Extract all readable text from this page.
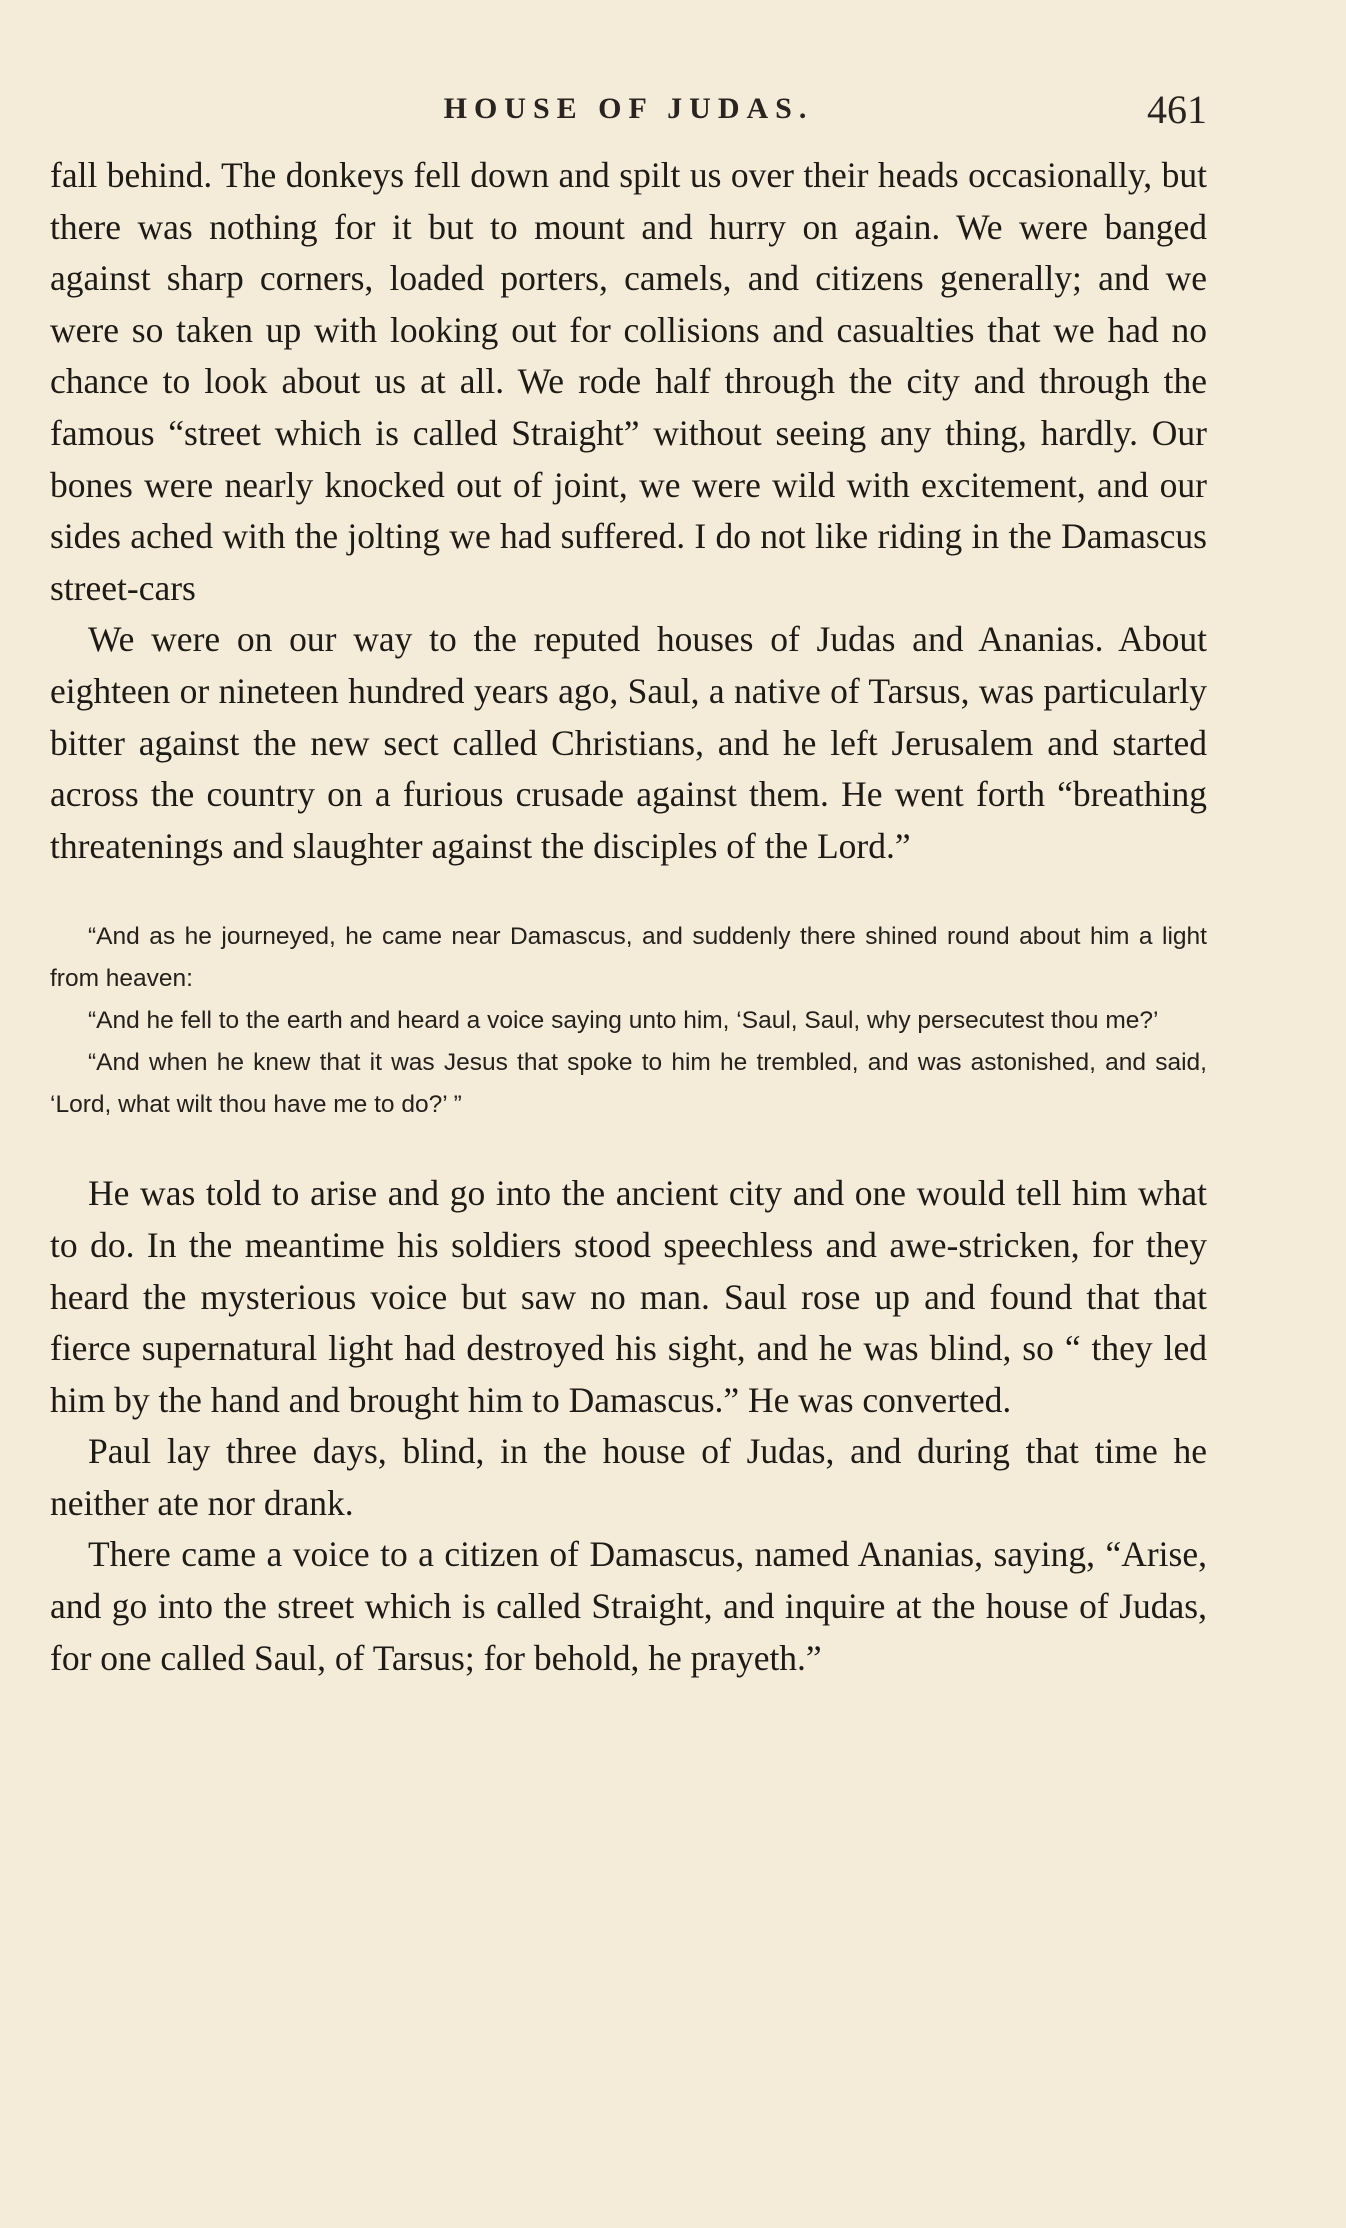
HOUSE OF JUDAS.	461

fall behind. The donkeys fell down and spilt us over their heads occasionally, but there was nothing for it but to mount and hurry on again. We were banged against sharp corners, loaded porters, camels, and citizens generally; and we were so taken up with looking out for collisions and casualties that we had no chance to look about us at all. We rode half through the city and through the famous “street which is called Straight” without seeing any thing, hardly. Our bones were nearly knocked out of joint, we were wild with excitement, and our sides ached with the jolting we had suffered. I do not like riding in the Damascus street-cars

We were on our way to the reputed houses of Judas and Ananias. About eighteen or nineteen hundred years ago, Saul, a native of Tarsus, was particularly bitter against the new sect called Christians, and he left Jerusalem and started across the country on a furious crusade against them. He went forth “breathing threatenings and slaughter against the disciples of the Lord.”

“And as he journeyed, he came near Damascus, and suddenly there shined round about him a light from heaven:

“And he fell to the earth and heard a voice saying unto him, ‘Saul, Saul, why persecutest thou me?’

“And when he knew that it was Jesus that spoke to him he trembled, and was astonished, and said, ‘Lord, what wilt thou have me to do?’ ”

He was told to arise and go into the ancient city and one would tell him what to do. In the meantime his soldiers stood speechless and awe-stricken, for they heard the mysterious voice but saw no man. Saul rose up and found that that fierce supernatural light had destroyed his sight, and he was blind, so “ they led him by the hand and brought him to Damascus.” He was converted.

Paul lay three days, blind, in the house of Judas, and during that time he neither ate nor drank.

There came a voice to a citizen of Damascus, named Ananias, saying, “Arise, and go into the street which is called Straight, and inquire at the house of Judas, for one called Saul, of Tarsus; for behold, he prayeth.”
